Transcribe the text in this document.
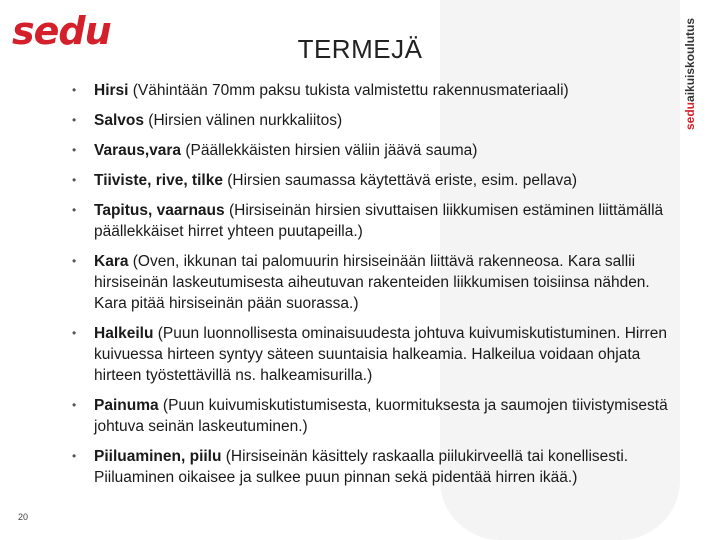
sedu	TERMEJÄ
seduaikuiskoulutus
• Hirsi (Vähintään 70mm paksu tukista valmistettu rakennusmateriaali)
• Salvos (Hirsien välinen nurkkaliitos)
• Varaus,vara (Päällekkäisten hirsien väliin jäävä sauma)
• Tiiviste, rive, tilke (Hirsien saumassa käytettävä eriste, esim. pellava)
• Tapitus, vaarnaus (Hirsiseinän hirsien sivuttaisen liikkumisen estäminen liittämällä päällekkäiset hirret yhteen puutapeilla.)
• Kara (Oven, ikkunan tai palomuurin hirsiseinään liittävä rakenneosa. Kara sallii hirsiseinän laskeutumisesta aiheutuvan rakenteiden liikkumisen toisiinsa nähden. Kara pitää hirsiseinän pään suorassa.)
• Halkeilu (Puun luonnollisesta ominaisuudesta johtuva kuivumiskutistuminen. Hirren kuivuessa hirteen syntyy säteen suuntaisia halkeamia. Halkeilua voidaan ohjata hirteen työstettävillä ns. halkeamisurilla.)
• Painuma (Puun kuivumiskutistumisesta, kuormituksesta ja saumojen tiivistymisestä johtuva seinän laskeutuminen.)
• Piiluaminen, piilu (Hirsiseinän käsittely raskaalla piilukirveellä tai konellisesti. Piiluaminen oikaisee ja sulkee puun pinnan sekä pidentää hirren ikää.)
20
